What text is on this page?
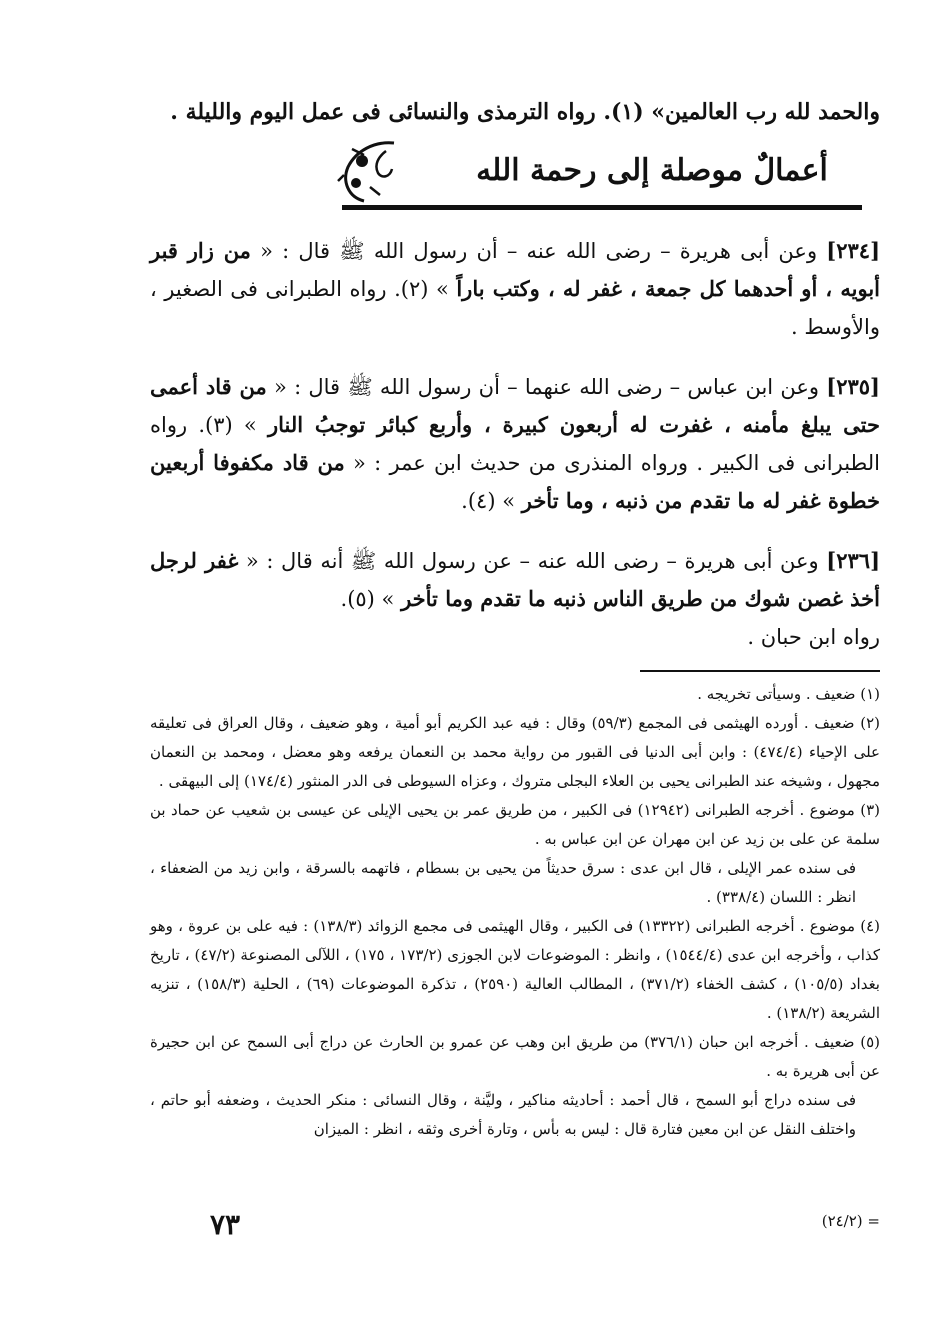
والحمد لله رب العالمين» (١). رواه الترمذى والنسائى فى عمل اليوم والليلة .

أعمالٌ موصلة إلى رحمة الله

[٢٣٤] وعن أبى هريرة – رضى الله عنه – أن رسول الله ﷺ قال : « من زار قبر أبويه ، أو أحدهما كل جمعة ، غفر له ، وكتب باراً » (٢). رواه الطبرانى فى الصغير ، والأوسط .

[٢٣٥] وعن ابن عباس – رضى الله عنهما – أن رسول الله ﷺ قال : « من قاد أعمى حتى يبلغ مأمنه ، غفرت له أربعون كبيرة ، وأربع كبائر توجبُ النار » (٣). رواه الطبرانى فى الكبير . ورواه المنذرى من حديث ابن عمر : « من قاد مكفوفا أربعين خطوة غفر له ما تقدم من ذنبه ، وما تأخر » (٤).

[٢٣٦] وعن أبى هريرة – رضى الله عنه – عن رسول الله ﷺ أنه قال : « غفر لرجل أخذ غصن شوك من طريق الناس ذنبه ما تقدم وما تأخر » (٥).
رواه ابن حبان .

(١) ضعيف . وسيأتى تخريجه .

(٢) ضعيف . أورده الهيثمى فى المجمع (٥٩/٣) وقال : فيه عبد الكريم أبو أمية ، وهو ضعيف ، وقال العراق فى تعليقه على الإحياء (٤٧٤/٤) : وابن أبى الدنيا فى القبور من رواية محمد بن النعمان يرفعه وهو معضل ، ومحمد بن النعمان مجهول ، وشيخه عند الطبرانى يحيى بن العلاء البجلى متروك ، وعزاه السيوطى فى الدر المنثور (١٧٤/٤) إلى البيهقى .

(٣) موضوع . أخرجه الطبرانى (١٢٩٤٢) فى الكبير ، من طريق عمر بن يحيى الإيلى عن عيسى بن شعيب عن حماد بن سلمة عن على بن زيد عن ابن مهران عن ابن عباس به .

فى سنده عمر الإيلى ، قال ابن عدى : سرق حديثاً من يحيى بن بسطام ، فاتهمه بالسرقة ، وابن زيد من الضعفاء ، انظر : اللسان (٣٣٨/٤) .

(٤) موضوع . أخرجه الطبرانى (١٣٣٢٢) فى الكبير ، وقال الهيثمى فى مجمع الزوائد (١٣٨/٣) : فيه على بن عروة ، وهو كذاب ، وأخرجه ابن عدى (١٥٤٤/٤) ، وانظر : الموضوعات لابن الجوزى (١٧٣/٢ ، ١٧٥) ، اللآلى المصنوعة (٤٧/٢) ، تاريخ بغداد (١٠٥/٥) ، كشف الخفاء (٣٧١/٢) ، المطالب العالية (٢٥٩٠) ، تذكرة الموضوعات (٦٩) ، الحلية (١٥٨/٣) ، تنزيه الشريعة (١٣٨/٢) .

(٥) ضعيف . أخرجه ابن حبان (٣٧٦/١) من طريق ابن وهب عن عمرو بن الحارث عن دراج أبى السمح عن ابن حجيرة عن أبى هريرة به .

فى سنده دراج أبو السمح ، قال أحمد : أحاديثه مناكير ، وليَّنة ، وقال النسائى : منكر الحديث ، وضعفه أبو حاتم ، واختلف النقل عن ابن معين فتارة قال : ليس به بأس ، وتارة أخرى وثقه ، انظر : الميزان

= (٢٤/٢)
٧٣
